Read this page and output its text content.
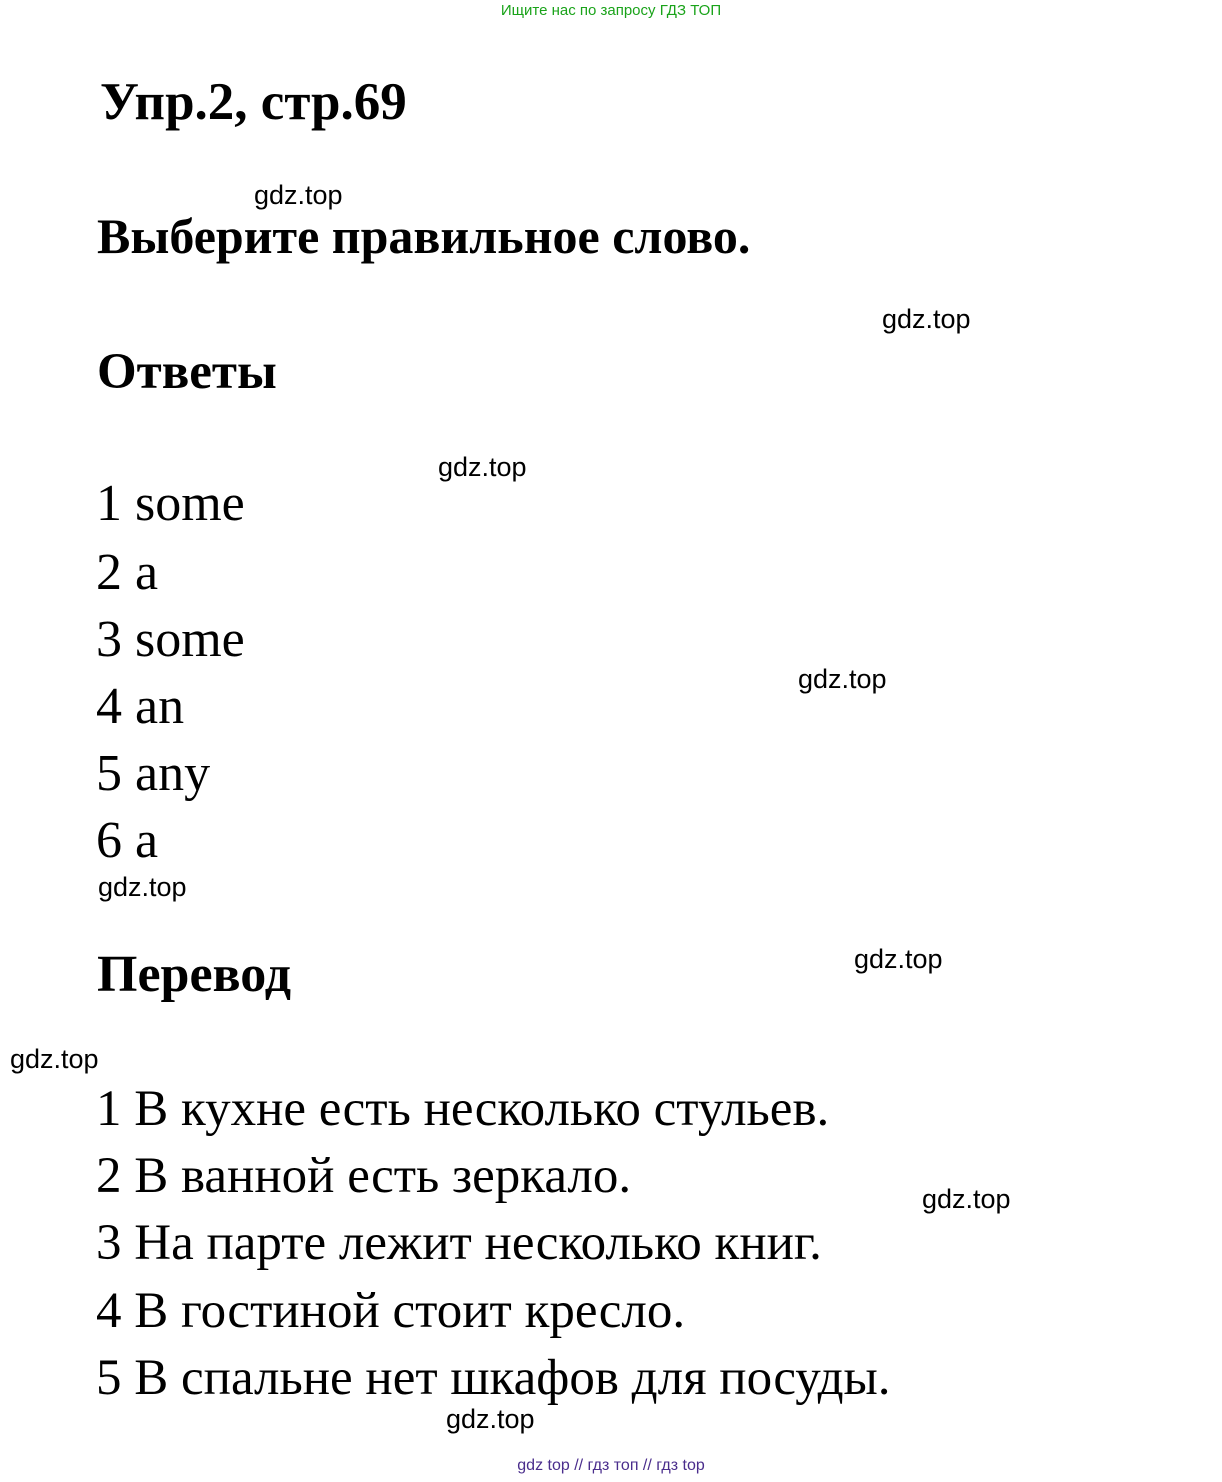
Ищите нас по запросу ГДЗ ТОП
Упр.2, стр.69
Выберите правильное слово.
Ответы
1 some
2 a
3 some
4 an
5 any
6 a
Перевод
1 В кухне есть несколько стульев.
2 В ванной есть зеркало.
3 На парте лежит несколько книг.
4 В гостиной стоит кресло.
5 В спальне нет шкафов для посуды.
gdz.top
gdz.top
gdz.top
gdz.top
gdz.top
gdz.top
gdz.top
gdz.top
gdz.top
gdz top // гдз топ // гдз top
